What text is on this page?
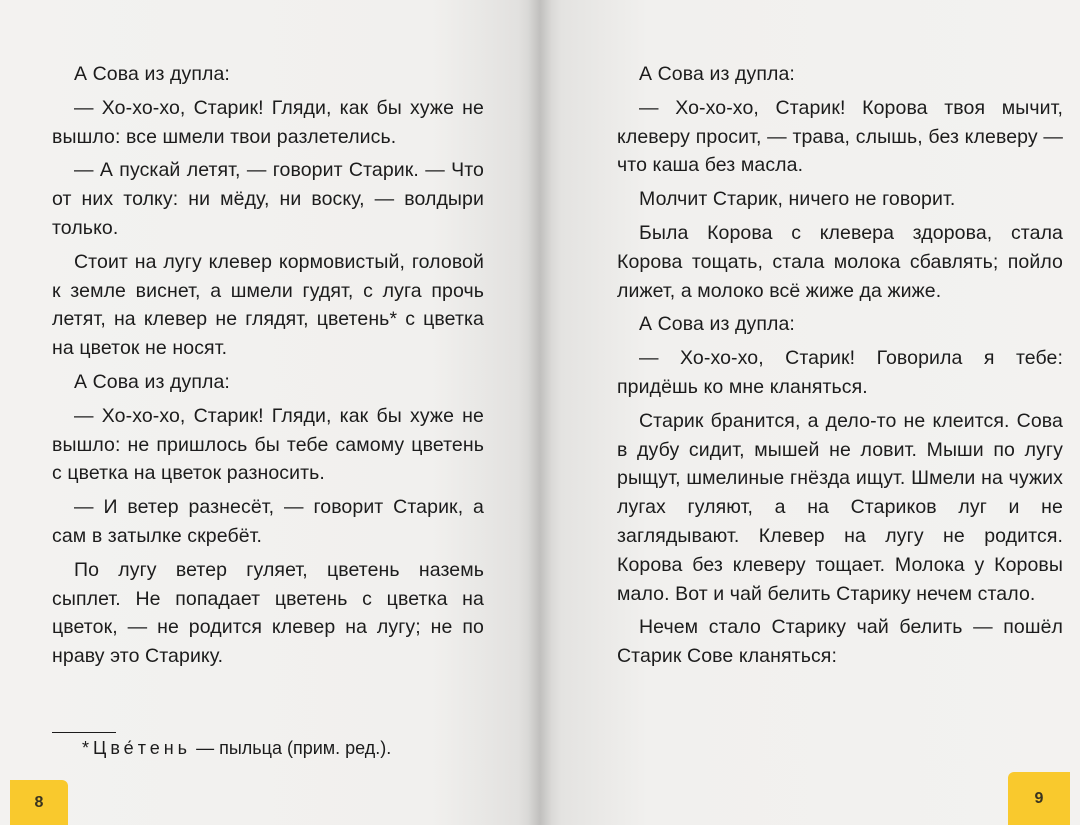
А Сова из дупла:

— Хо-хо-хо, Старик! Гляди, как бы хуже не вышло: все шмели твои разлетелись.

— А пускай летят, — говорит Старик. — Что от них толку: ни мёду, ни воску, — волдыри только.

Стоит на лугу клевер кормовистый, головой к земле виснет, а шмели гудят, с луга прочь летят, на клевер не глядят, цветень* с цветка на цветок не носят.

А Сова из дупла:

— Хо-хо-хо, Старик! Гляди, как бы хуже не вышло: не пришлось бы тебе самому цветень с цветка на цветок разносить.

— И ветер разнесёт, — говорит Старик, а сам в затылке скребёт.

По лугу ветер гуляет, цветень наземь сыплет. Не попадает цветень с цветка на цветок, — не родится клевер на лугу; не по нраву это Старику.

*Цве́тень — пыльца (прим. ред.).
8

А Сова из дупла:

— Хо-хо-хо, Старик! Корова твоя мычит, клеверу просит, — трава, слышь, без клеверу — что каша без масла.

Молчит Старик, ничего не говорит.

Была Корова с клевера здорова, стала Корова тощать, стала молока сбавлять; пойло лижет, а молоко всё жиже да жиже.

А Сова из дупла:

— Хо-хо-хо, Старик! Говорила я тебе: придёшь ко мне кланяться.

Старик бранится, а дело-то не клеится. Сова в дубу сидит, мышей не ловит. Мыши по лугу рыщут, шмелиные гнёзда ищут. Шмели на чужих лугах гуляют, а на Стариков луг и не заглядывают. Клевер на лугу не родится. Корова без клеверу тощает. Молока у Коровы мало. Вот и чай белить Старику нечем стало.

Нечем стало Старику чай белить — пошёл Старик Сове кланяться:

9
